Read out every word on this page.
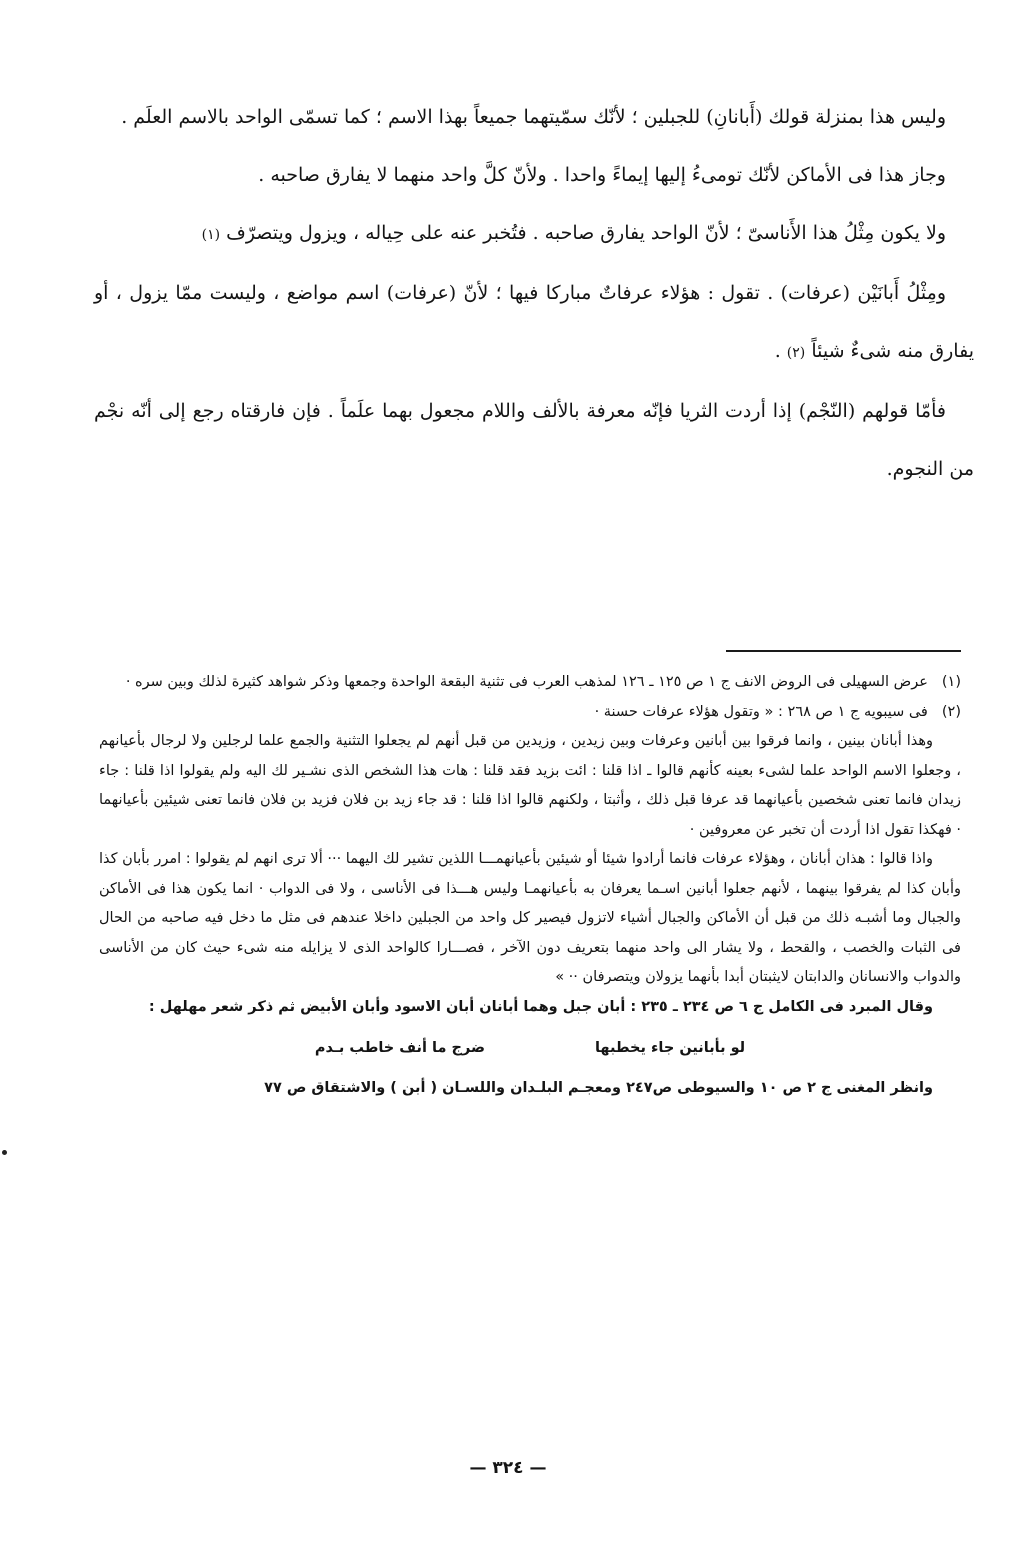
وليس هذا بمنزلة قولك (أَبانانِ) للجبلين ؛ لأنّك سمّيتهما جميعاً بهذا الاسم ؛ كما تسمّى الواحد بالاسم العلَم .

وجاز هذا فى الأماكن لأنّك تومىءُ إليها إيماءً واحدا . ولأنّ كلَّ واحد منهما لا يفارق صاحبه .

ولا يكون مِثْلُ هذا الأَناسىّ ؛ لأنّ الواحد يفارق صاحبه . فتُخبر عنه على حِياله ، ويزول ويتصرّف (١)

ومِثْلُ أَبانَيْن (عرفات) . تقول : هؤلاء عرفاتٌ مباركا فيها ؛ لأنّ (عرفات) اسم مواضع ، وليست ممّا يزول ، أو يفارق منه شىءٌ شيئاً (٢) .

فأمّا قولهم (النّجْم) إذا أردت الثريا فإنّه معرفة بالألف واللام مجعول بهما علَماً . فإن فارقتاه رجع إلى أنّه نجْم من النجوم.

(١)عرض السهيلى فى الروض الانف ج ١ ص ١٢٥ ـ ١٢٦ لمذهب العرب فى تثنية البقعة الواحدة وجمعها وذكر شواهد كثيرة لذلك وبين سره ·

(٢)فى سيبويه ج ١ ص ٢٦٨ : « وتقول هؤلاء عرفات حسنة ·

وهذا أبانان بينين ، وانما فرقوا بين أبانين وعرفات وبين زيدين ، وزيدين من قبل أنهم لم يجعلوا التثنية والجمع علما لرجلين ولا لرجال بأعيانهم ، وجعلوا الاسم الواحد علما لشىء بعينه كأنهم قالوا ـ اذا قلنا : ائت بزيد فقد قلنا : هات هذا الشخص الذى نشـير لك اليه ولم يقولوا اذا قلنا : جاء زيدان فانما تعنى شخصين بأعيانهما قد عرفا قبل ذلك ، وأثبتا ، ولكنهم قالوا اذا قلنا : قد جاء زيد بن فلان فزيد بن فلان فانما تعنى شيئين بأعيانهما · فهكذا تقول اذا أردت أن تخبر عن معروفين ·

واذا قالوا : هذان أبانان ، وهؤلاء عرفات فانما أرادوا شيئا أو شيئين بأعيانهمـــا اللذين تشير لك اليهما ··· ألا ترى انهم لم يقولوا : امرر بأبان كذا وأبان كذا لم يفرقوا بينهما ، لأنهم جعلوا أبانين اسـما يعرفان به بأعيانهمـا وليس هـــذا فى الأناسى ، ولا فى الدواب · انما يكون هذا فى الأماكن والجبال وما أشبـه ذلك من قبل أن الأماكن والجبال أشياء لاتزول فيصير كل واحد من الجبلين داخلا عندهم فى مثل ما دخل فيه صاحبه من الحال فى الثبات والخصب ، والقحط ، ولا يشار الى واحد منهما بتعريف دون الآخر ، فصـــارا كالواحد الذى لا يزايله منه شىء حيث كان من الأناسى والدواب والانسانان والدابتان لايثبتان أبدا بأنهما يزولان ويتصرفان ·· »

وقال المبرد فى الكامل ج ٦ ص ٢٣٤ ـ ٢٣٥ : أبان جبل وهما أبانان أبان الاسود وأبان الأبيض ثم ذكر شعر مهلهل :

لو بأبانين جاء يخطبها
ضرج ما أنف خاطب بـدم

وانظر المغنى ج ٢ ص ١٠ والسيوطى ص٢٤٧ ومعجـم البلـدان واللسـان ( أبن ) والاشتقاق ص ٧٧

— ٣٢٤ —
